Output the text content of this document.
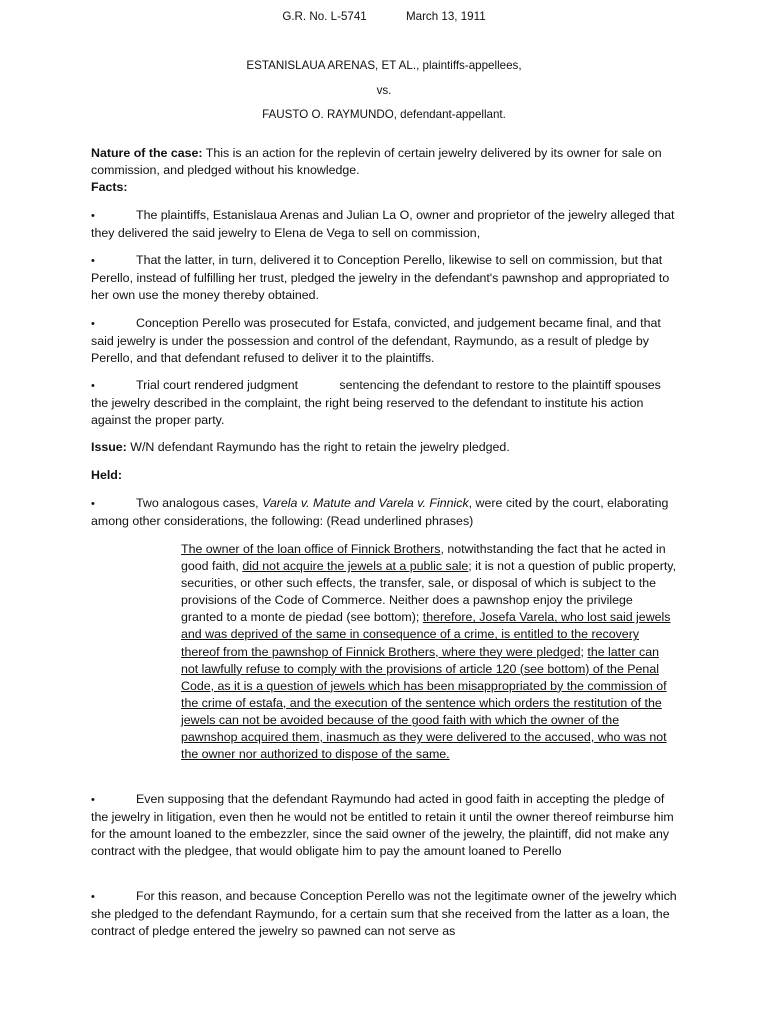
G.R. No. L-5741	March 13, 1911
ESTANISLAUA ARENAS, ET AL., plaintiffs-appellees,
vs.
FAUSTO O. RAYMUNDO, defendant-appellant.

Nature of the case: This is an action for the replevin of certain jewelry delivered by its owner for sale on commission, and pledged without his knowledge.

Facts:

•The plaintiffs, Estanislaua Arenas and Julian La O, owner and proprietor of the jewelry alleged that they delivered the said jewelry to Elena de Vega to sell on commission,

•That the latter, in turn, delivered it to Conception Perello, likewise to sell on commission, but that Perello, instead of fulfilling her trust, pledged the jewelry in the defendant's pawnshop and appropriated to her own use the money thereby obtained.

•Conception Perello was prosecuted for Estafa, convicted, and judgement became final, and that said jewelry is under the possession and control of the defendant, Raymundo, as a result of pledge by Perello, and that defendant refused to deliver it to the plaintiffs.

• Trial court rendered judgment            sentencing the defendant to restore to the plaintiff spouses the jewelry described in the complaint, the right being reserved to the defendant to institute his action against the proper party.

Issue: W/N defendant Raymundo has the right to retain the jewelry pledged.

Held:

•Two analogous cases, Varela v. Matute and Varela v. Finnick, were cited by the court, elaborating among other considerations, the following: (Read underlined phrases)

The owner of the loan office of Finnick Brothers, notwithstanding the fact that he acted in good faith, did not acquire the jewels at a public sale; it is not a question of public property, securities, or other such effects, the transfer, sale, or disposal of which is subject to the provisions of the Code of Commerce. Neither does a pawnshop enjoy the privilege granted to a monte de piedad (see bottom); therefore, Josefa Varela, who lost said jewels and was deprived of the same in consequence of a crime, is entitled to the recovery thereof from the pawnshop of Finnick Brothers, where they were pledged; the latter can not lawfully refuse to comply with the provisions of article 120 (see bottom) of the Penal Code, as it is a question of jewels which has been misappropriated by the commission of the crime of estafa, and the execution of the sentence which orders the restitution of the jewels can not be avoided because of the good faith with which the owner of the pawnshop acquired them, inasmuch as they were delivered to the accused, who was not the owner nor authorized to dispose of the same.

•Even supposing that the defendant Raymundo had acted in good faith in accepting the pledge of the jewelry in litigation, even then he would not be entitled to retain it until the owner thereof reimburse him for the amount loaned to the embezzler, since the said owner of the jewelry, the plaintiff, did not make any contract with the pledgee, that would obligate him to pay the amount loaned to Perello

•For this reason, and because Conception Perello was not the legitimate owner of the jewelry which she pledged to the defendant Raymundo, for a certain sum that she received from the latter as a loan, the contract of pledge entered the jewelry so pawned can not serve as
